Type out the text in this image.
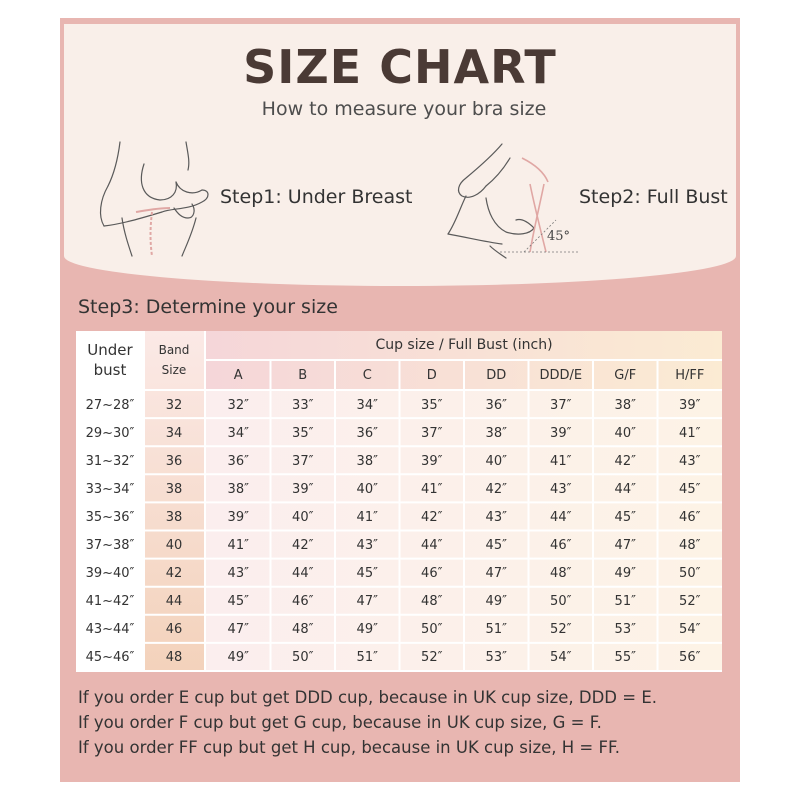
SIZE CHART
How to measure your bra size
Step1: Under Breast
45°
Step2: Full Bust
Step3: Determine your size
Under
bust
Band
Size
Cup size / Full Bust (inch)
A	B	C	D	DD	DDD/E	G/F	H/FF
27~28″	32	32″	33″	34″	35″	36″	37″	38″	39″
29~30″	34	34″	35″	36″	37″	38″	39″	40″	41″
31~32″	36	36″	37″	38″	39″	40″	41″	42″	43″
33~34″	38	38″	39″	40″	41″	42″	43″	44″	45″
35~36″	38	39″	40″	41″	42″	43″	44″	45″	46″
37~38″	40	41″	42″	43″	44″	45″	46″	47″	48″
39~40″	42	43″	44″	45″	46″	47″	48″	49″	50″
41~42″	44	45″	46″	47″	48″	49″	50″	51″	52″
43~44″	46	47″	48″	49″	50″	51″	52″	53″	54″
45~46″	48	49″	50″	51″	52″	53″	54″	55″	56″
If you order E cup but get DDD cup, because in UK cup size, DDD = E.
If you order F cup but get G cup, because in UK cup size, G = F.
If you order FF cup but get H cup, because in UK cup size, H = FF.
